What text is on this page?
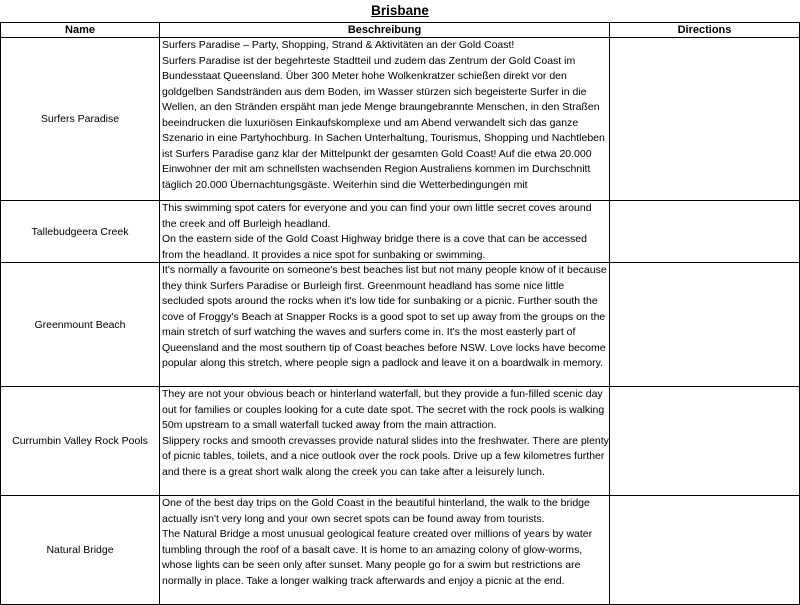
Brisbane
Name	Beschreibung	Directions
Surfers Paradise	Surfers Paradise – Party, Shopping, Strand & Aktivitäten an der Gold Coast!
Surfers Paradise ist der begehrteste Stadtteil und zudem das Zentrum der Gold Coast im Bundesstaat Queensland. Über 300 Meter hohe Wolkenkratzer schießen direkt vor den goldgelben Sandstränden aus dem Boden, im Wasser stürzen sich begeisterte Surfer in die Wellen, an den Stränden erspäht man jede Menge braungebrannte Menschen, in den Straßen beeindrucken die luxuriösen Einkaufskomplexe und am Abend verwandelt sich das ganze Szenario in eine Partyhochburg. In Sachen Unterhaltung, Tourismus, Shopping und Nachtleben ist Surfers Paradise ganz klar der Mittelpunkt der gesamten Gold Coast! Auf die etwa 20.000 Einwohner der mit am schnellsten wachsenden Region Australiens kommen im Durchschnitt täglich 20.000 Übernachtungsgäste. Weiterhin sind die Wetterbedingungen mit	

Tallebudgeera Creek	This swimming spot caters for everyone and you can find your own little secret coves around the creek and off Burleigh headland.
On the eastern side of the Gold Coast Highway bridge there is a cove that can be accessed from the headland. It provides a nice spot for sunbaking or swimming.	

Greenmount Beach	It's normally a favourite on someone's best beaches list but not many people know of it because they think Surfers Paradise or Burleigh first. Greenmount headland has some nice little secluded spots around the rocks when it's low tide for sunbaking or a picnic. Further south the cove of Froggy's Beach at Snapper Rocks is a good spot to set up away from the groups on the main stretch of surf watching the waves and surfers come in. It's the most easterly part of Queensland and the most southern tip of Coast beaches before NSW. Love locks have become popular along this stretch, where people sign a padlock and leave it on a boardwalk in memory.	

Currumbin Valley Rock Pools	They are not your obvious beach or hinterland waterfall, but they provide a fun-filled scenic day out for families or couples looking for a cute date spot. The secret with the rock pools is walking 50m upstream to a small waterfall tucked away from the main attraction.
Slippery rocks and smooth crevasses provide natural slides into the freshwater. There are plenty of picnic tables, toilets, and a nice outlook over the rock pools. Drive up a few kilometres further and there is a great short walk along the creek you can take after a leisurely lunch.	

Natural Bridge	One of the best day trips on the Gold Coast in the beautiful hinterland, the walk to the bridge actually isn't very long and your own secret spots can be found away from tourists.
The Natural Bridge a most unusual geological feature created over millions of years by water tumbling through the roof of a basalt cave. It is home to an amazing colony of glow-worms, whose lights can be seen only after sunset. Many people go for a swim but restrictions are normally in place. Take a longer walking track afterwards and enjoy a picnic at the end.	
